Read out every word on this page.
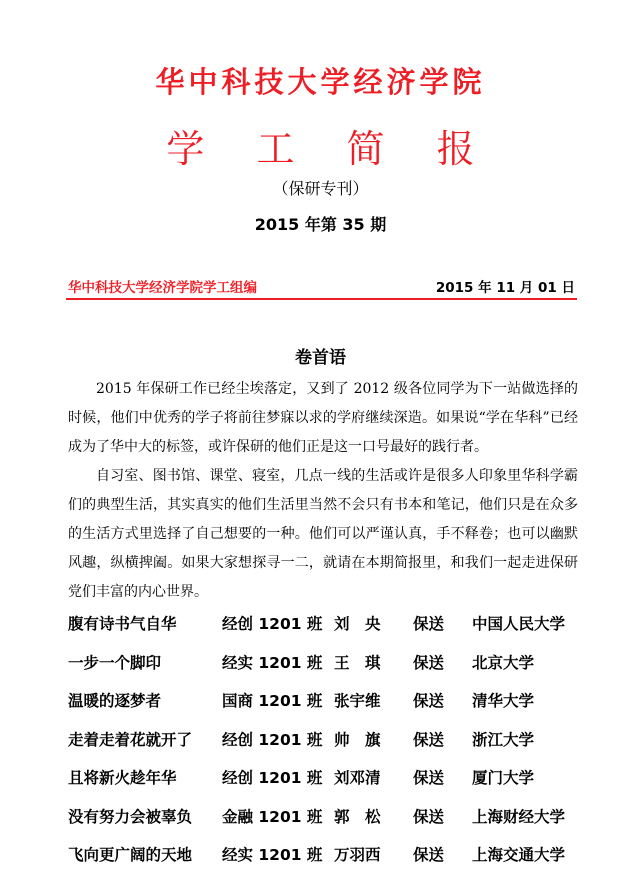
华中科技大学经济学院
学 工 简 报
（保研专刊）
2015 年第 35 期
华中科技大学经济学院学工组编	2015 年 11 月 01 日
卷首语

2015 年保研工作已经尘埃落定，又到了 2012 级各位同学为下一站做选择的时候，他们中优秀的学子将前往梦寐以求的学府继续深造。如果说“学在华科”已经成为了华中大的标签，或许保研的他们正是这一口号最好的践行者。

自习室、图书馆、课堂、寝室，几点一线的生活或许是很多人印象里华科学霸们的典型生活，其实真实的他们生活里当然不会只有书本和笔记，他们只是在众多的生活方式里选择了自己想要的一种。他们可以严谨认真，手不释卷；也可以幽默风趣，纵横捭阖。如果大家想探寻一二，就请在本期简报里，和我们一起走进保研党们丰富的内心世界。

腹有诗书气自华	经创 1201 班 刘　央 保送 中国人民大学
一步一个脚印	经实 1201 班 王　琪 保送 北京大学
温暖的逐梦者	国商 1201 班 张宇维 保送 清华大学
走着走着花就开了 经创 1201 班 帅　旗 保送 浙江大学
且将新火趁年华	经创 1201 班 刘邓清 保送 厦门大学
没有努力会被辜负 金融 1201 班 郭　松 保送 上海财经大学
飞向更广阔的天地 经实 1201 班 万羽西 保送 上海交通大学
